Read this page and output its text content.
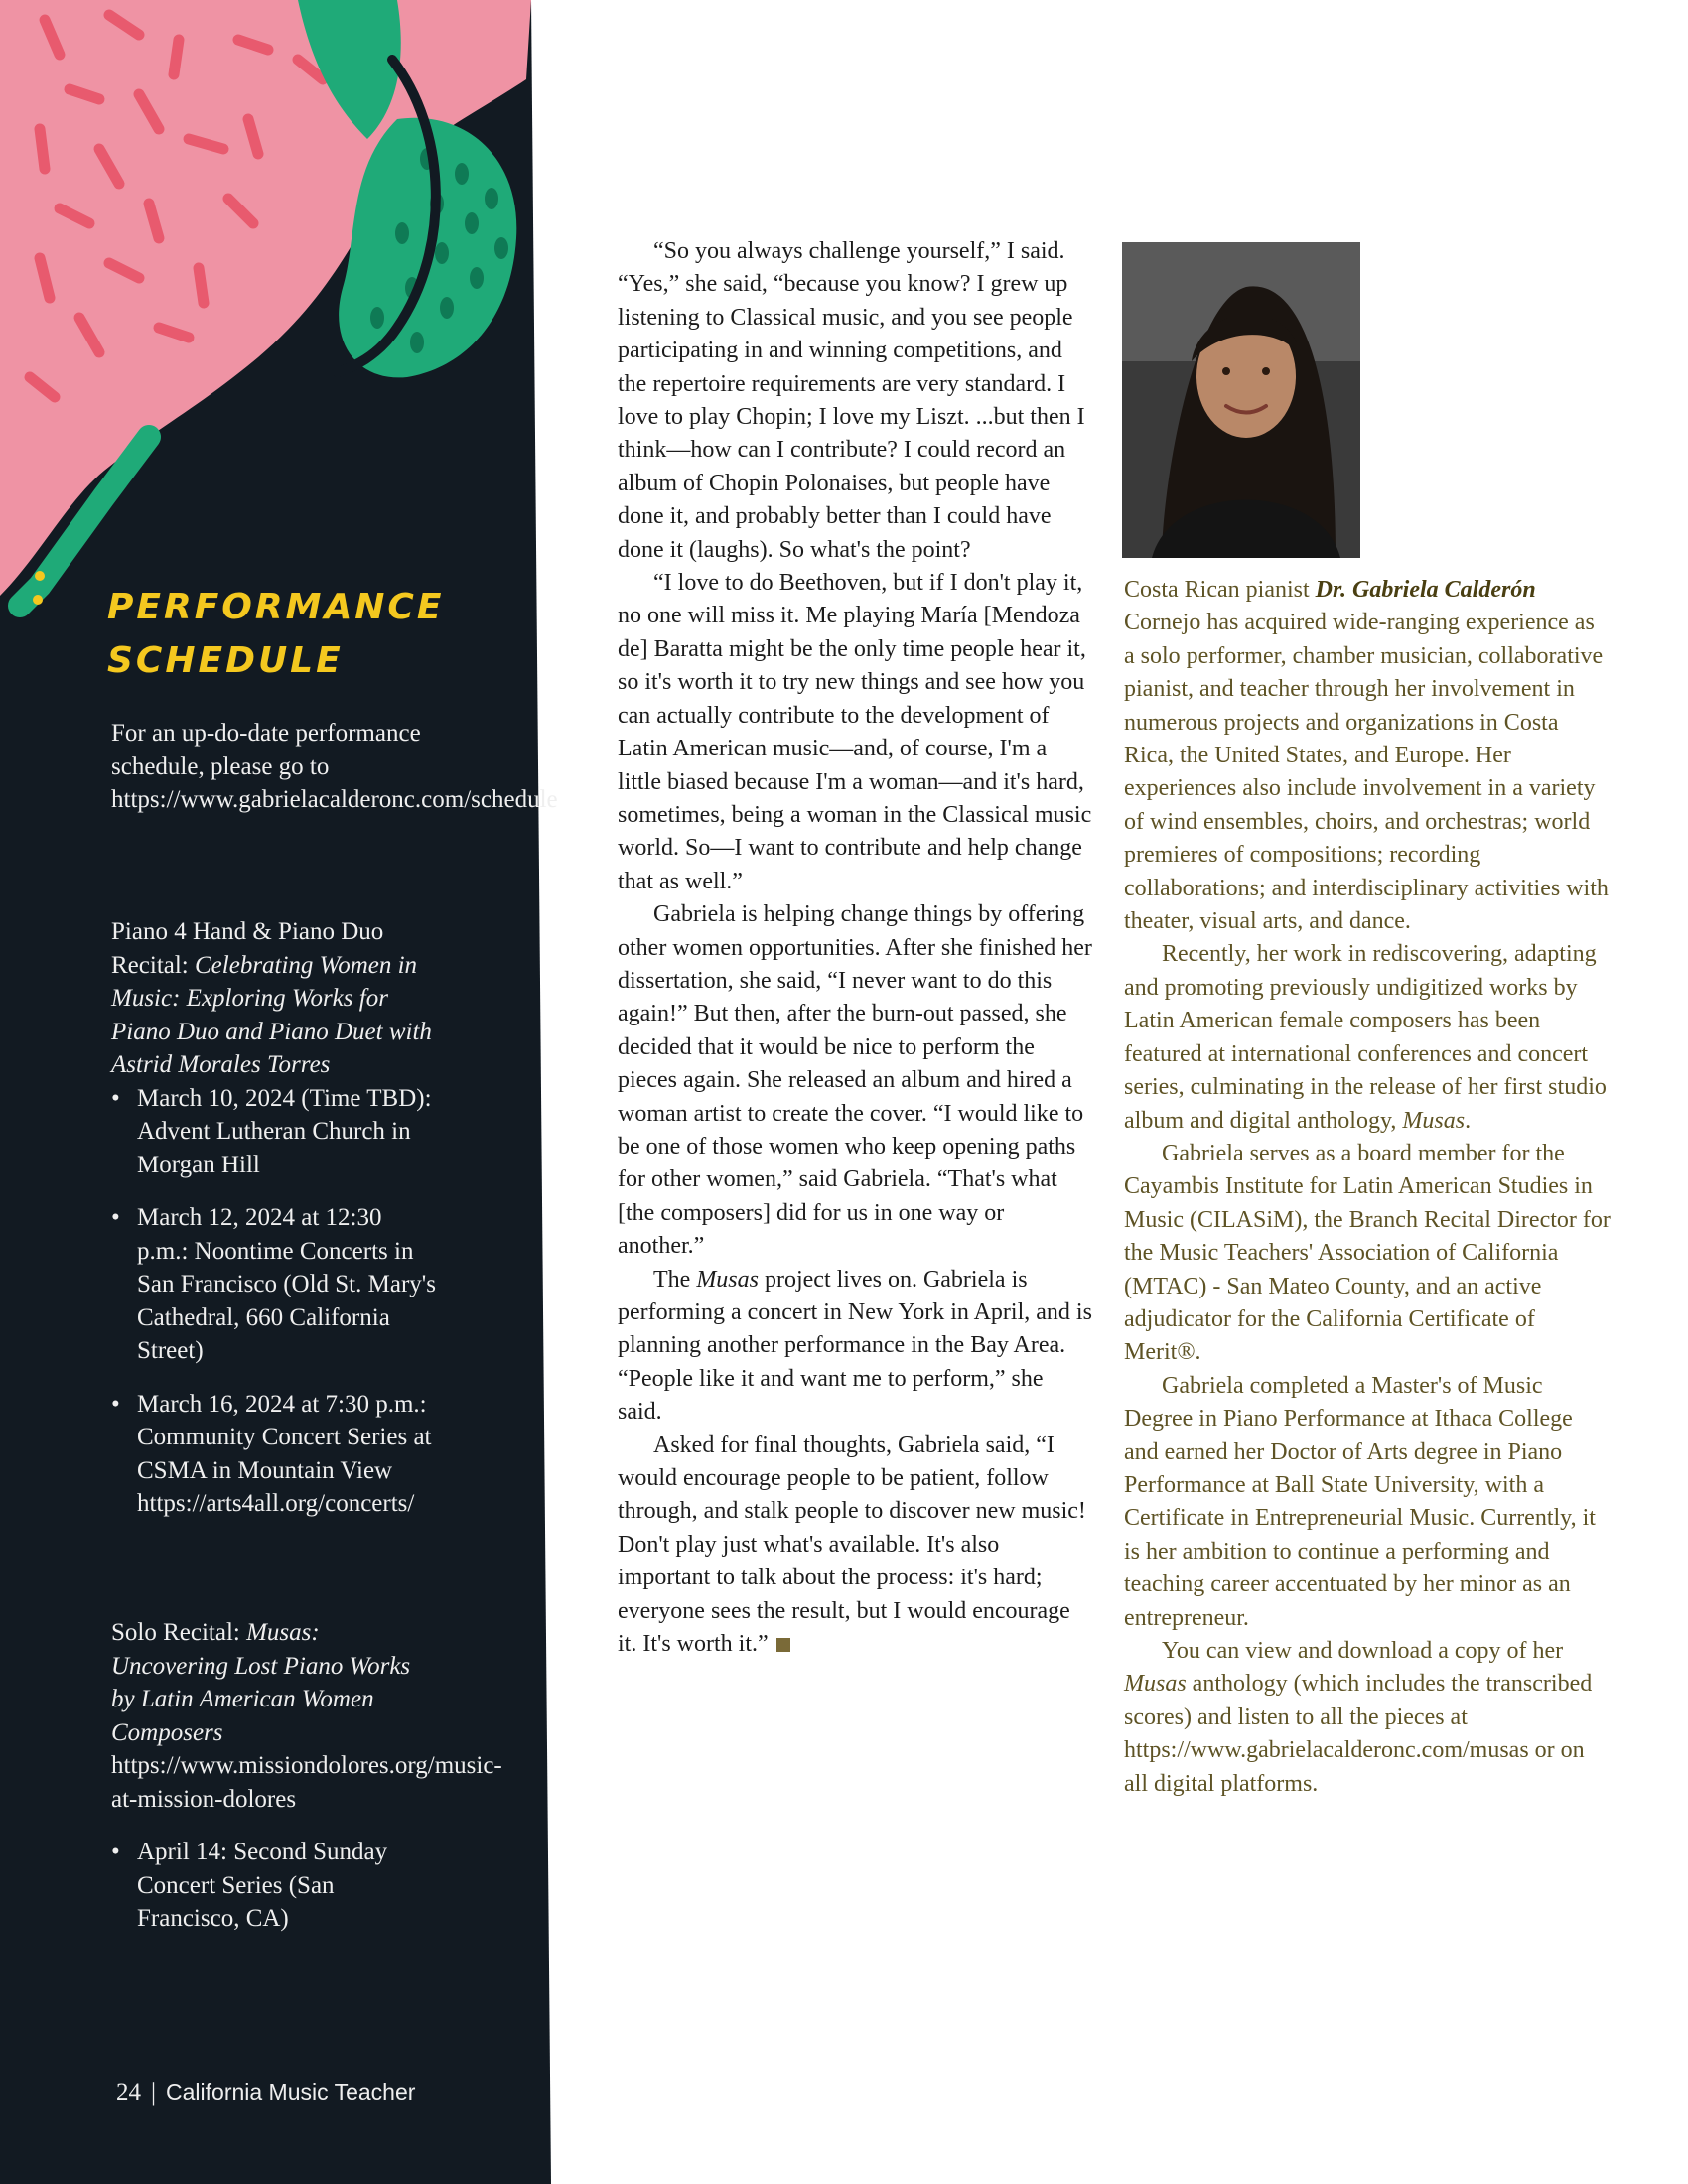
PERFORMANCE
SCHEDULE

For an up-do-date performance schedule, please go to https://www.gabrielacalderonc.com/schedule

Piano 4 Hand & Piano Duo Recital: Celebrating Women in Music: Exploring Works for Piano Duo and Piano Duet with Astrid Morales Torres
• March 10, 2024 (Time TBD): Advent Lutheran Church in Morgan Hill
• March 12, 2024 at 12:30 p.m.: Noontime Concerts in San Francisco (Old St. Mary's Cathedral, 660 California Street)
• March 16, 2024 at 7:30 p.m.: Community Concert Series at CSMA in Mountain View https://arts4all.org/concerts/
Solo Recital: Musas: Uncovering Lost Piano Works by Latin American Women Composers https://www.missiondolores.org/music-at-mission-dolores
• April 14: Second Sunday Concert Series (San Francisco, CA)
24 | California Music Teacher

“So you always challenge yourself,” I said. “Yes,” she said, “because you know? I grew up listening to Classical music, and you see people participating in and winning competitions, and the repertoire requirements are very standard. I love to play Chopin; I love my Liszt. ...but then I think—how can I contribute? I could record an album of Chopin Polonaises, but people have done it, and probably better than I could have done it (laughs). So what's the point?

“I love to do Beethoven, but if I don't play it, no one will miss it. Me playing María [Mendoza de] Baratta might be the only time people hear it, so it's worth it to try new things and see how you can actually contribute to the development of Latin American music—and, of course, I'm a little biased because I'm a woman—and it's hard, sometimes, being a woman in the Classical music world. So—I want to contribute and help change that as well.”

Gabriela is helping change things by offering other women opportunities. After she finished her dissertation, she said, “I never want to do this again!” But then, after the burn-out passed, she decided that it would be nice to perform the pieces again. She released an album and hired a woman artist to create the cover. “I would like to be one of those women who keep opening paths for other women,” said Gabriela. “That's what [the composers] did for us in one way or another.”

The Musas project lives on. Gabriela is performing a concert in New York in April, and is planning another performance in the Bay Area. “People like it and want me to perform,” she said.

Asked for final thoughts, Gabriela said, “I would encourage people to be patient, follow through, and stalk people to discover new music! Don't play just what's available. It's also important to talk about the process: it's hard; everyone sees the result, but I would encourage it. It's worth it.”

Costa Rican pianist Dr. Gabriela Calderón Cornejo has acquired wide-ranging experience as a solo performer, chamber musician, collaborative pianist, and teacher through her involvement in numerous projects and organizations in Costa Rica, the United States, and Europe. Her experiences also include involvement in a variety of wind ensembles, choirs, and orchestras; world premieres of compositions; recording collaborations; and interdisciplinary activities with theater, visual arts, and dance.

Recently, her work in rediscovering, adapting and promoting previously undigitized works by Latin American female composers has been featured at international conferences and concert series, culminating in the release of her first studio album and digital anthology, Musas.

Gabriela serves as a board member for the Cayambis Institute for Latin American Studies in Music (CILASiM), the Branch Recital Director for the Music Teachers' Association of California (MTAC) - San Mateo County, and an active adjudicator for the California Certificate of Merit®.

Gabriela completed a Master's of Music Degree in Piano Performance at Ithaca College and earned her Doctor of Arts degree in Piano Performance at Ball State University, with a Certificate in Entrepreneurial Music. Currently, it is her ambition to continue a performing and teaching career accentuated by her minor as an entrepreneur.

You can view and download a copy of her Musas anthology (which includes the transcribed scores) and listen to all the pieces at https://www.gabrielacalderonc.com/musas or on all digital platforms.
